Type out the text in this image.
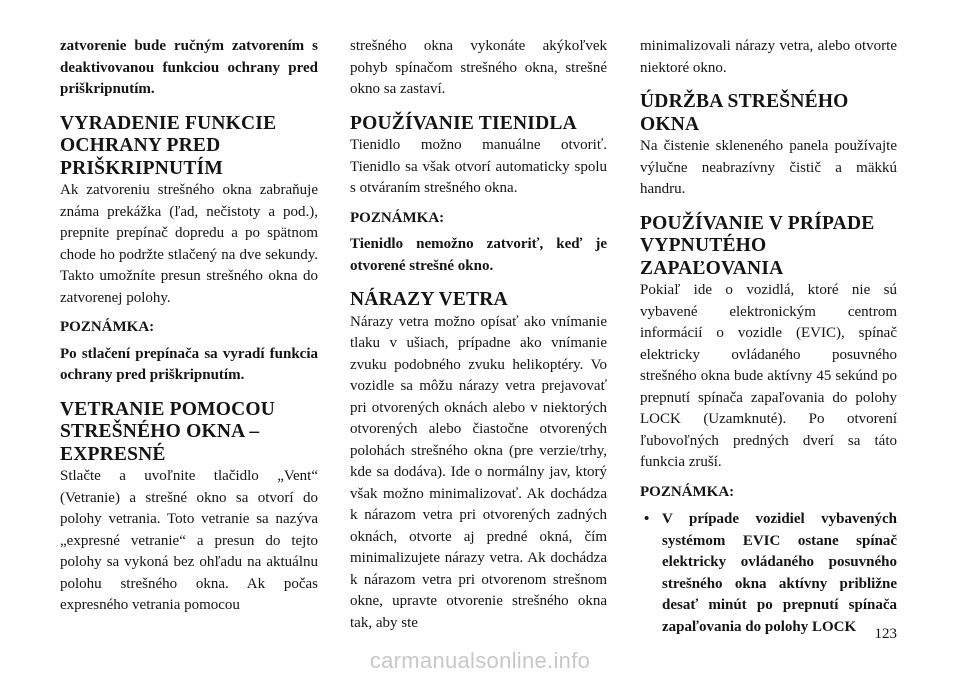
zatvorenie bude ručným zatvorením s deaktivovanou funkciou ochrany pred priškripnutím.

VYRADENIE FUNKCIE OCHRANY PRED PRIŠKRIPNUTÍM

Ak zatvoreniu strešného okna zabraňuje známa prekážka (ľad, nečistoty a pod.), prepnite prepínač dopredu a po spätnom chode ho podržte stlačený na dve sekundy. Takto umožníte presun strešného okna do zatvorenej polohy.

POZNÁMKA:

Po stlačení prepínača sa vyradí funkcia ochrany pred priškripnutím.

VETRANIE POMOCOU STREŠNÉHO OKNA – EXPRESNÉ

Stlačte a uvoľnite tlačidlo „Vent“ (Vetranie) a strešné okno sa otvorí do polohy vetrania. Toto vetranie sa nazýva „expresné vetranie“ a presun do tejto polohy sa vykoná bez ohľadu na aktuálnu polohu strešného okna. Ak počas expresného vetrania pomocou

strešného okna vykonáte akýkoľvek pohyb spínačom strešného okna, strešné okno sa zastaví.

POUŽÍVANIE TIENIDLA

Tienidlo možno manuálne otvoriť. Tienidlo sa však otvorí automaticky spolu s otváraním strešného okna.

POZNÁMKA:

Tienidlo nemožno zatvoriť, keď je otvorené strešné okno.

NÁRAZY VETRA

Nárazy vetra možno opísať ako vnímanie tlaku v ušiach, prípadne ako vnímanie zvuku podobného zvuku helikoptéry. Vo vozidle sa môžu nárazy vetra prejavovať pri otvorených oknách alebo v niektorých otvorených alebo čiastočne otvorených polohách strešného okna (pre verzie/trhy, kde sa dodáva). Ide o normálny jav, ktorý však možno minimalizovať. Ak dochádza k nárazom vetra pri otvorených zadných oknách, otvorte aj predné okná, čím minimalizujete nárazy vetra. Ak dochádza k nárazom vetra pri otvorenom strešnom okne, upravte otvorenie strešného okna tak, aby ste

minimalizovali nárazy vetra, alebo otvorte niektoré okno.

ÚDRŽBA STREŠNÉHO OKNA

Na čistenie skleneného panela používajte výlučne neabrazívny čistič a mäkkú handru.

POUŽÍVANIE V PRÍPADE VYPNUTÉHO ZAPAĽOVANIA

Pokiaľ ide o vozidlá, ktoré nie sú vybavené elektronickým centrom informácií o vozidle (EVIC), spínač elektricky ovládaného posuvného strešného okna bude aktívny 45 sekúnd po prepnutí spínača zapaľovania do polohy LOCK (Uzamknuté). Po otvorení ľubovoľných predných dverí sa táto funkcia zruší.

POZNÁMKA:

• V prípade vozidiel vybavených systémom EVIC ostane spínač elektricky ovládaného posuvného strešného okna aktívny približne desať minút po prepnutí spínača zapaľovania do polohy LOCK	123
carmanualsonline.info
